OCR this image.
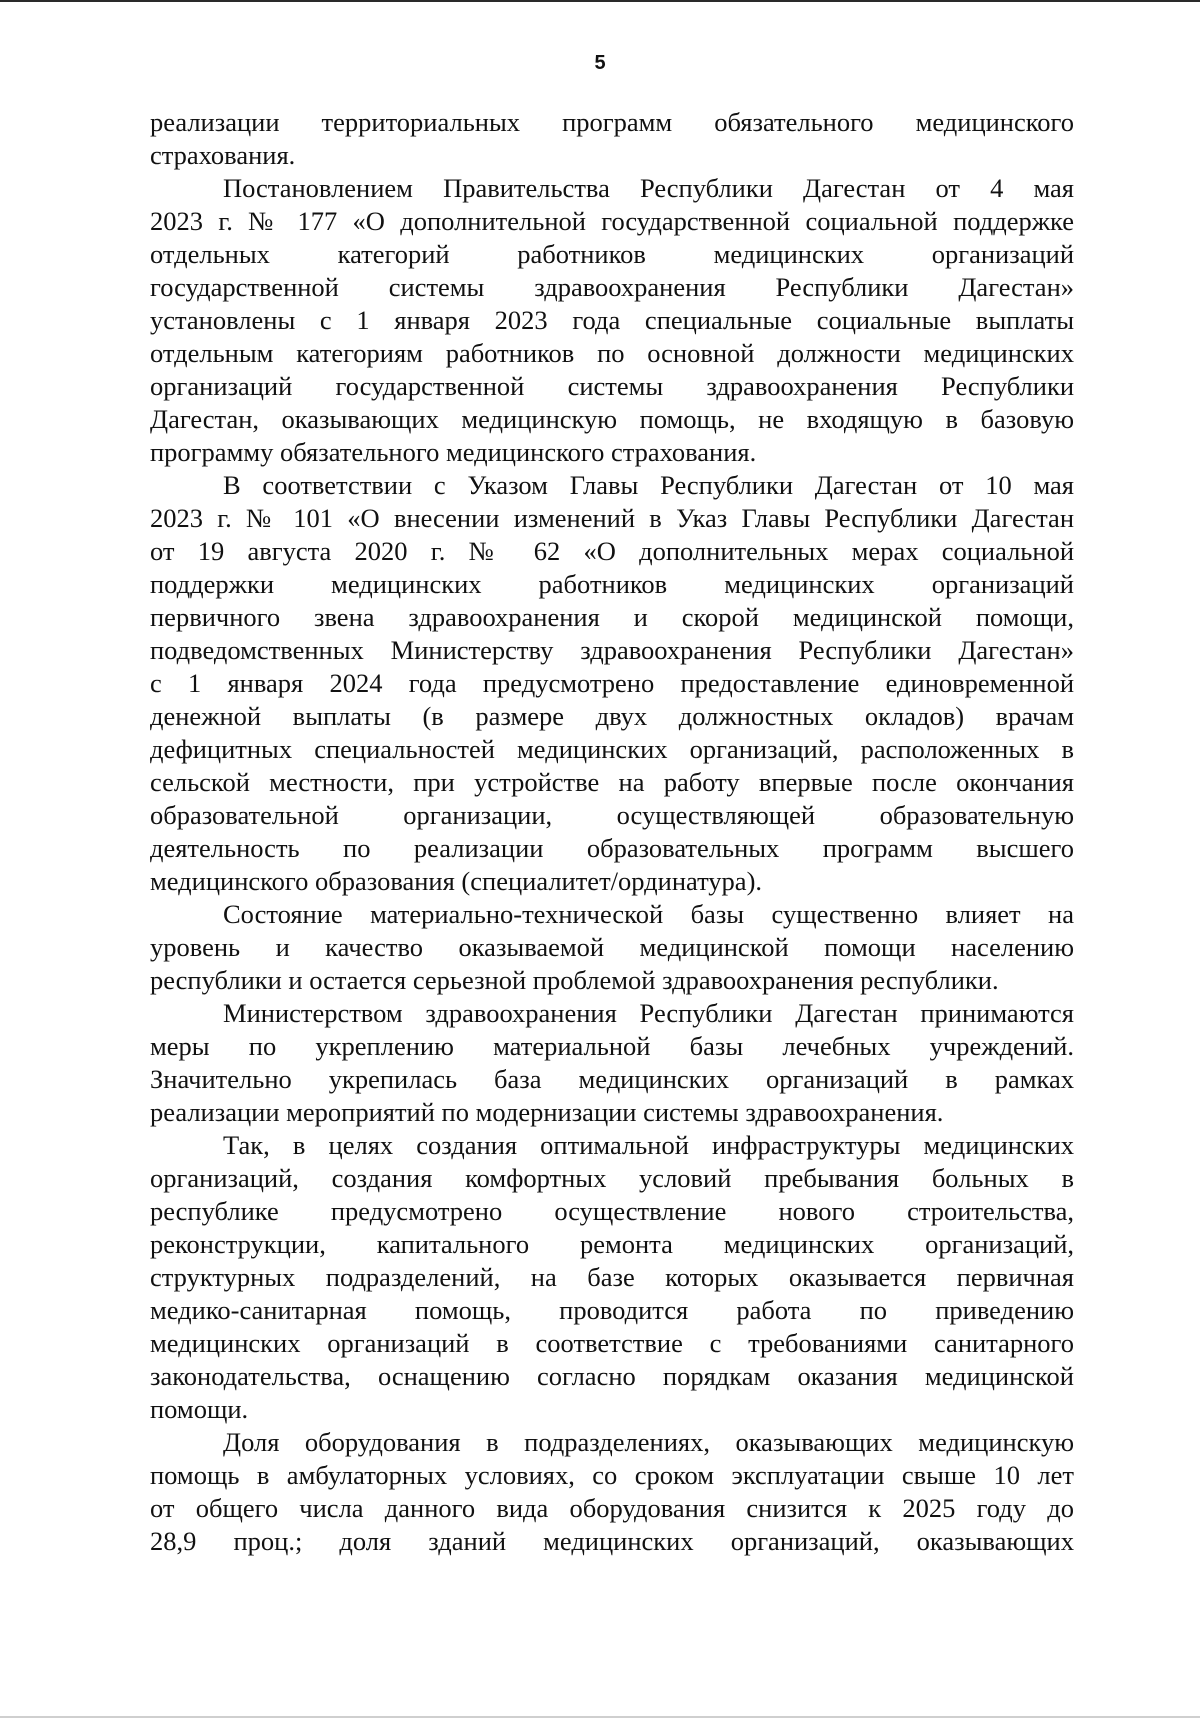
5
реализации территориальных программ обязательного медицинского
страхования.
Постановлением Правительства Республики Дагестан от 4 мая
2023 г. № 177 «О дополнительной государственной социальной поддержке
отдельных категорий работников медицинских организаций
государственной системы здравоохранения Республики Дагестан»
установлены с 1 января 2023 года специальные социальные выплаты
отдельным категориям работников по основной должности медицинских
организаций государственной системы здравоохранения Республики
Дагестан, оказывающих медицинскую помощь, не входящую в базовую
программу обязательного медицинского страхования.
В соответствии с Указом Главы Республики Дагестан от 10 мая
2023 г. № 101 «О внесении изменений в Указ Главы Республики Дагестан
от 19 августа 2020 г. № 62 «О дополнительных мерах социальной
поддержки медицинских работников медицинских организаций
первичного звена здравоохранения и скорой медицинской помощи,
подведомственных Министерству здравоохранения Республики Дагестан»
с 1 января 2024 года предусмотрено предоставление единовременной
денежной выплаты (в размере двух должностных окладов) врачам
дефицитных специальностей медицинских организаций, расположенных в
сельской местности, при устройстве на работу впервые после окончания
образовательной организации, осуществляющей образовательную
деятельность по реализации образовательных программ высшего
медицинского образования (специалитет/ординатура).
Состояние материально-технической базы существенно влияет на
уровень и качество оказываемой медицинской помощи населению
республики и остается серьезной проблемой здравоохранения республики.
Министерством здравоохранения Республики Дагестан принимаются
меры по укреплению материальной базы лечебных учреждений.
Значительно укрепилась база медицинских организаций в рамках
реализации мероприятий по модернизации системы здравоохранения.
Так, в целях создания оптимальной инфраструктуры медицинских
организаций, создания комфортных условий пребывания больных в
республике предусмотрено осуществление нового строительства,
реконструкции, капитального ремонта медицинских организаций,
структурных подразделений, на базе которых оказывается первичная
медико-санитарная помощь, проводится работа по приведению
медицинских организаций в соответствие с требованиями санитарного
законодательства, оснащению согласно порядкам оказания медицинской
помощи.
Доля оборудования в подразделениях, оказывающих медицинскую
помощь в амбулаторных условиях, со сроком эксплуатации свыше 10 лет
от общего числа данного вида оборудования снизится к 2025 году до
28,9 проц.; доля зданий медицинских организаций, оказывающих
